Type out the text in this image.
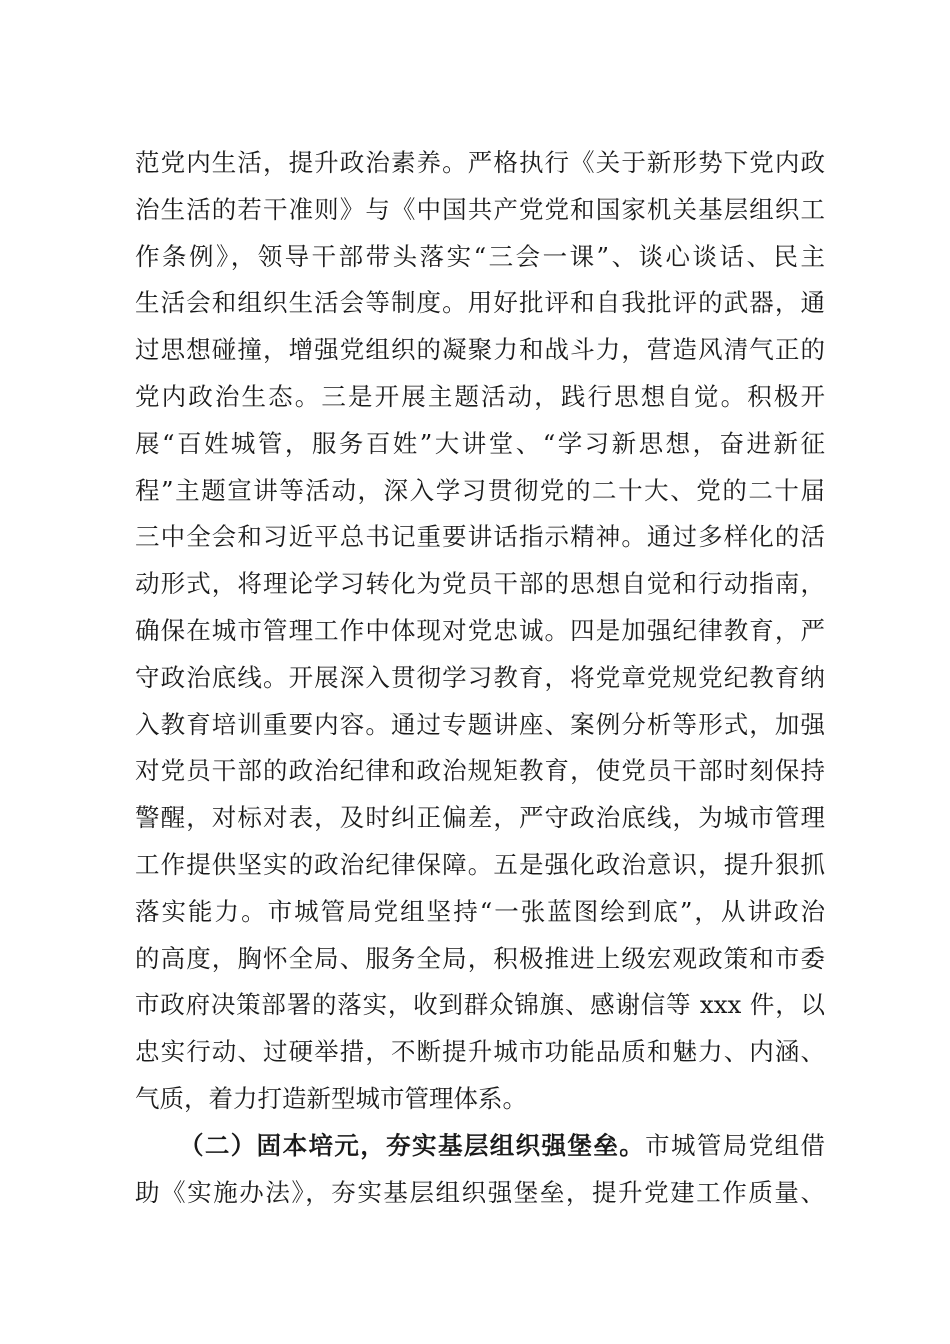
范党内生活，提升政治素养。严格执行《关于新形势下党内政
治生活的若干准则》与《中国共产党党和国家机关基层组织工
作条例》，领导干部带头落实“三会一课”、谈心谈话、民主
生活会和组织生活会等制度。用好批评和自我批评的武器，通
过思想碰撞，增强党组织的凝聚力和战斗力，营造风清气正的
党内政治生态。三是开展主题活动，践行思想自觉。积极开
展“百姓城管，服务百姓”大讲堂、“学习新思想，奋进新征
程”主题宣讲等活动，深入学习贯彻党的二十大、党的二十届
三中全会和习近平总书记重要讲话指示精神。通过多样化的活
动形式，将理论学习转化为党员干部的思想自觉和行动指南，
确保在城市管理工作中体现对党忠诚。四是加强纪律教育，严
守政治底线。开展深入贯彻学习教育，将党章党规党纪教育纳
入教育培训重要内容。通过专题讲座、案例分析等形式，加强
对党员干部的政治纪律和政治规矩教育，使党员干部时刻保持
警醒，对标对表，及时纠正偏差，严守政治底线，为城市管理
工作提供坚实的政治纪律保障。五是强化政治意识，提升狠抓
落实能力。市城管局党组坚持“一张蓝图绘到底”，从讲政治
的高度，胸怀全局、服务全局，积极推进上级宏观政策和市委
市政府决策部署的落实，收到群众锦旗、感谢信等 xxx 件，以
忠实行动、过硬举措，不断提升城市功能品质和魅力、内涵、
气质，着力打造新型城市管理体系。
（二）固本培元，夯实基层组织强堡垒。市城管局党组借
助《实施办法》，夯实基层组织强堡垒，提升党建工作质量、
